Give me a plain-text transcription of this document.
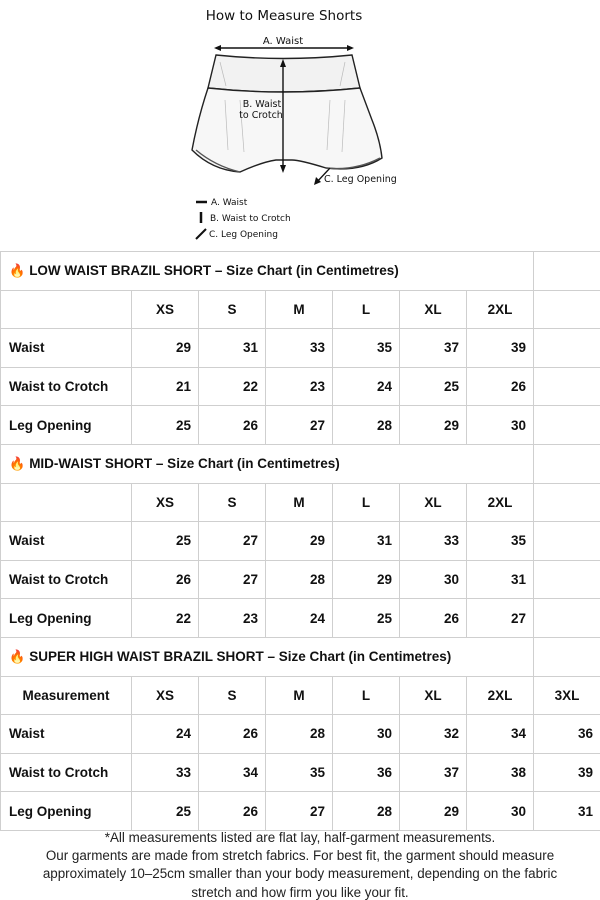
How to Measure Shorts
A. Waist
B. Waist
to Crotch
C. Leg Opening
A. Waist
B. Waist to Crotch
C. Leg Opening
🔥 LOW WAIST BRAZIL SHORT – Size Chart (in Centimetres)							
	XS	S	M	L	XL	2XL	
Waist	29	31	33	35	37	39	
Waist to Crotch	21	22	23	24	25	26	
Leg Opening	25	26	27	28	29	30	
🔥 MID-WAIST SHORT – Size Chart (in Centimetres)							
	XS	S	M	L	XL	2XL	
Waist	25	27	29	31	33	35	
Waist to Crotch	26	27	28	29	30	31	
Leg Opening	22	23	24	25	26	27	
🔥 SUPER HIGH WAIST BRAZIL SHORT – Size Chart (in Centimetres)							
Measurement	XS	S	M	L	XL	2XL	3XL
Waist	24	26	28	30	32	34	36
Waist to Crotch	33	34	35	36	37	38	39
Leg Opening	25	26	27	28	29	30	31
*All measurements listed are flat lay, half-garment measurements.
Our garments are made from stretch fabrics. For best fit, the garment should measure
approximately 10–25cm smaller than your body measurement, depending on the fabric
stretch and how firm you like your fit.
